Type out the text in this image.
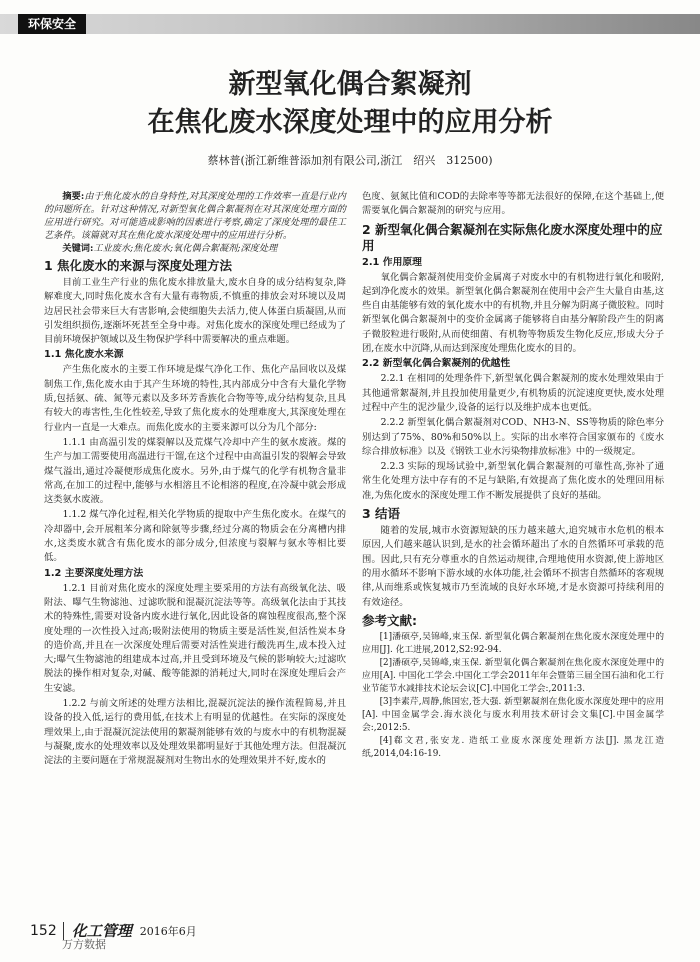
环保安全
新型氧化偶合絮凝剂
在焦化废水深度处理中的应用分析
蔡林普(浙江新维普添加剂有限公司,浙江　绍兴　312500)

摘要:由于焦化废水的自身特性,对其深度处理的工作效率一直是行业内的问题所在。针对这种情况,对新型氧化偶合絮凝剂在对其深度处理方面的应用进行研究。对可能造成影响的因素进行考察,确定了深度处理的最佳工艺条件。该篇就对其在焦化废水深度处理中的应用进行分析。

关键词:工业废水;焦化废水;氧化偶合絮凝剂;深度处理

1 焦化废水的来源与深度处理方法

目前工业生产行业的焦化废水排放量大,废水自身的成分结构复杂,降解难度大,同时焦化废水含有大量有毒物质,不慎重的排放会对环境以及周边居民社会带来巨大有害影响,会使细胞失去活力,使人体蛋白质凝固,从而引发组织损伤,逐渐坏死甚至全身中毒。对焦化废水的深度处理已经成为了目前环境保护领域以及生物保护学科中需要解决的重点难题。

1.1 焦化废水来源

产生焦化废水的主要工作环境是煤气净化工作、焦化产品回收以及煤制焦工作,焦化废水由于其产生环境的特性,其内部成分中含有大量化学物质,包括氨、硫、氮等元素以及多环芳香族化合物等等,成分结构复杂,且具有较大的毒害性,生化性较差,导致了焦化废水的处理难度大,其深度处理在行业内一直是一大难点。而焦化废水的主要来源可以分为几个部分:

1.1.1 由高温引发的煤裂解以及荒煤气冷却中产生的氨水废液。煤的生产与加工需要使用高温进行干馏,在这个过程中由高温引发的裂解会导致煤气溢出,通过冷凝便形成焦化废水。另外,由于煤气的化学有机物含量非常高,在加工的过程中,能够与水相溶且不论相溶的程度,在冷凝中就会形成这类氨水废液。

1.1.2 煤气净化过程,相关化学物质的提取中产生焦化废水。在煤气的冷却器中,会开展粗苯分离和除氨等步骤,经过分离的物质会在分离槽内排水,这类废水就含有焦化废水的部分成分,但浓度与裂解与氨水等相比要低。

1.2 主要深度处理方法

1.2.1 目前对焦化废水的深度处理主要采用的方法有高级氧化法、吸附法、曝气生物滤池、过滤吹脱和混凝沉淀法等等。高级氧化法由于其技术的特殊性,需要对设备内废水进行氧化,因此设备的腐蚀程度很高,整个深度处理的一次性投入过高;吸附法使用的物质主要是活性炭,但活性炭本身的造价高,并且在一次深度处理后需要对活性炭进行酸洗再生,成本投入过大;曝气生物滤池的组建成本过高,并且受到环境及气候的影响较大;过滤吹脱法的操作相对复杂,对碱、酸等能源的消耗过大,同时在深度处理后会产生安滤。

1.2.2 与前文所述的处理方法相比,混凝沉淀法的操作流程简易,并且设备的投入低,运行的费用低,在技术上有明显的优越性。在实际的深度处理效果上,由于混凝沉淀法使用的絮凝剂能够有效的与废水中的有机物混凝与凝聚,废水的处理效率以及处理效果都明显好于其他处理方法。但混凝沉淀法的主要问题在于常规混凝剂对生物出水的处理效果并不好,废水的

色度、氨氮比值和COD的去除率等等都无法很好的保障,在这个基础上,便需要氧化偶合絮凝剂的研究与应用。

2 新型氧化偶合絮凝剂在实际焦化废水深度处理中的应用
2.1 作用原理

氧化偶合絮凝剂使用变价金属离子对废水中的有机物进行氧化和吸附,起到净化废水的效果。新型氧化偶合絮凝剂在使用中会产生大量自由基,这些自由基能够有效的氧化废水中的有机物,并且分解为阴离子微胶粒。同时新型氧化偶合絮凝剂中的变价金属离子能够将自由基分解阶段产生的阴离子微胶粒进行吸附,从而使细菌、有机物等物质发生物化反应,形成大分子团,在废水中沉降,从而达到深度处理焦化废水的目的。

2.2 新型氧化偶合絮凝剂的优越性

2.2.1 在相同的处理条件下,新型氧化偶合絮凝剂的废水处理效果由于其他通常絮凝剂,并且投加使用量更少,有机物质的沉淀速度更快,废水处理过程中产生的泥沙量少,设备的运行以及维护成本也更低。

2.2.2 新型氧化偶合絮凝剂对COD、NH3-N、SS等物质的除色率分别达到了75%、80%和50%以上。实际的出水率符合国家颁布的《废水综合排放标准》以及《钢铁工业水污染物排放标准》中的一级规定。

2.2.3 实际的现场试验中,新型氧化偶合絮凝剂的可靠性高,弥补了通常生化处理方法中存有的不足与缺陷,有效提高了焦化废水的处理回用标准,为焦化废水的深度处理工作不断发展提供了良好的基础。

3 结语

随着的发展,城市水资源短缺的压力越来越大,追究城市水危机的根本原因,人们越来越认识到,是水的社会循环超出了水的自然循环可承载的范围。因此,只有充分尊重水的自然运动规律,合理地使用水资源,使上游地区的用水循环不影响下游水域的水体功能,社会循环不损害自然循环的客观规律,从而维系或恢复城市乃至流域的良好水环境,才是水资源可持续利用的有效途径。

参考文献:

[1]潘硕亭,吴锦峰,束玉保. 新型氧化偶合絮凝剂在焦化废水深度处理中的应用[J]. 化工进展,2012,S2:92-94.

[2]潘硕亭,吴锦峰,束玉保. 新型氧化偶合絮凝剂在焦化废水深度处理中的应用[A]. 中国化工学会.中国化工学会2011年年会暨第三届全国石油和化工行业节能节水减排技术论坛会议[C].中国化工学会:,2011:3.

[3]李素芹,周静,熊国宏,苍大强. 新型絮凝剂在焦化废水深度处理中的应用[A]. 中国金属学会.海水淡化与废水利用技术研讨会文集[C].中国金属学会:,2012:5.

[4]郗文君,张安龙. 造纸工业废水深度处理新方法[J]. 黑龙江造纸,2014,04:16-19.

152 化工管理 2016年6月
万方数据
